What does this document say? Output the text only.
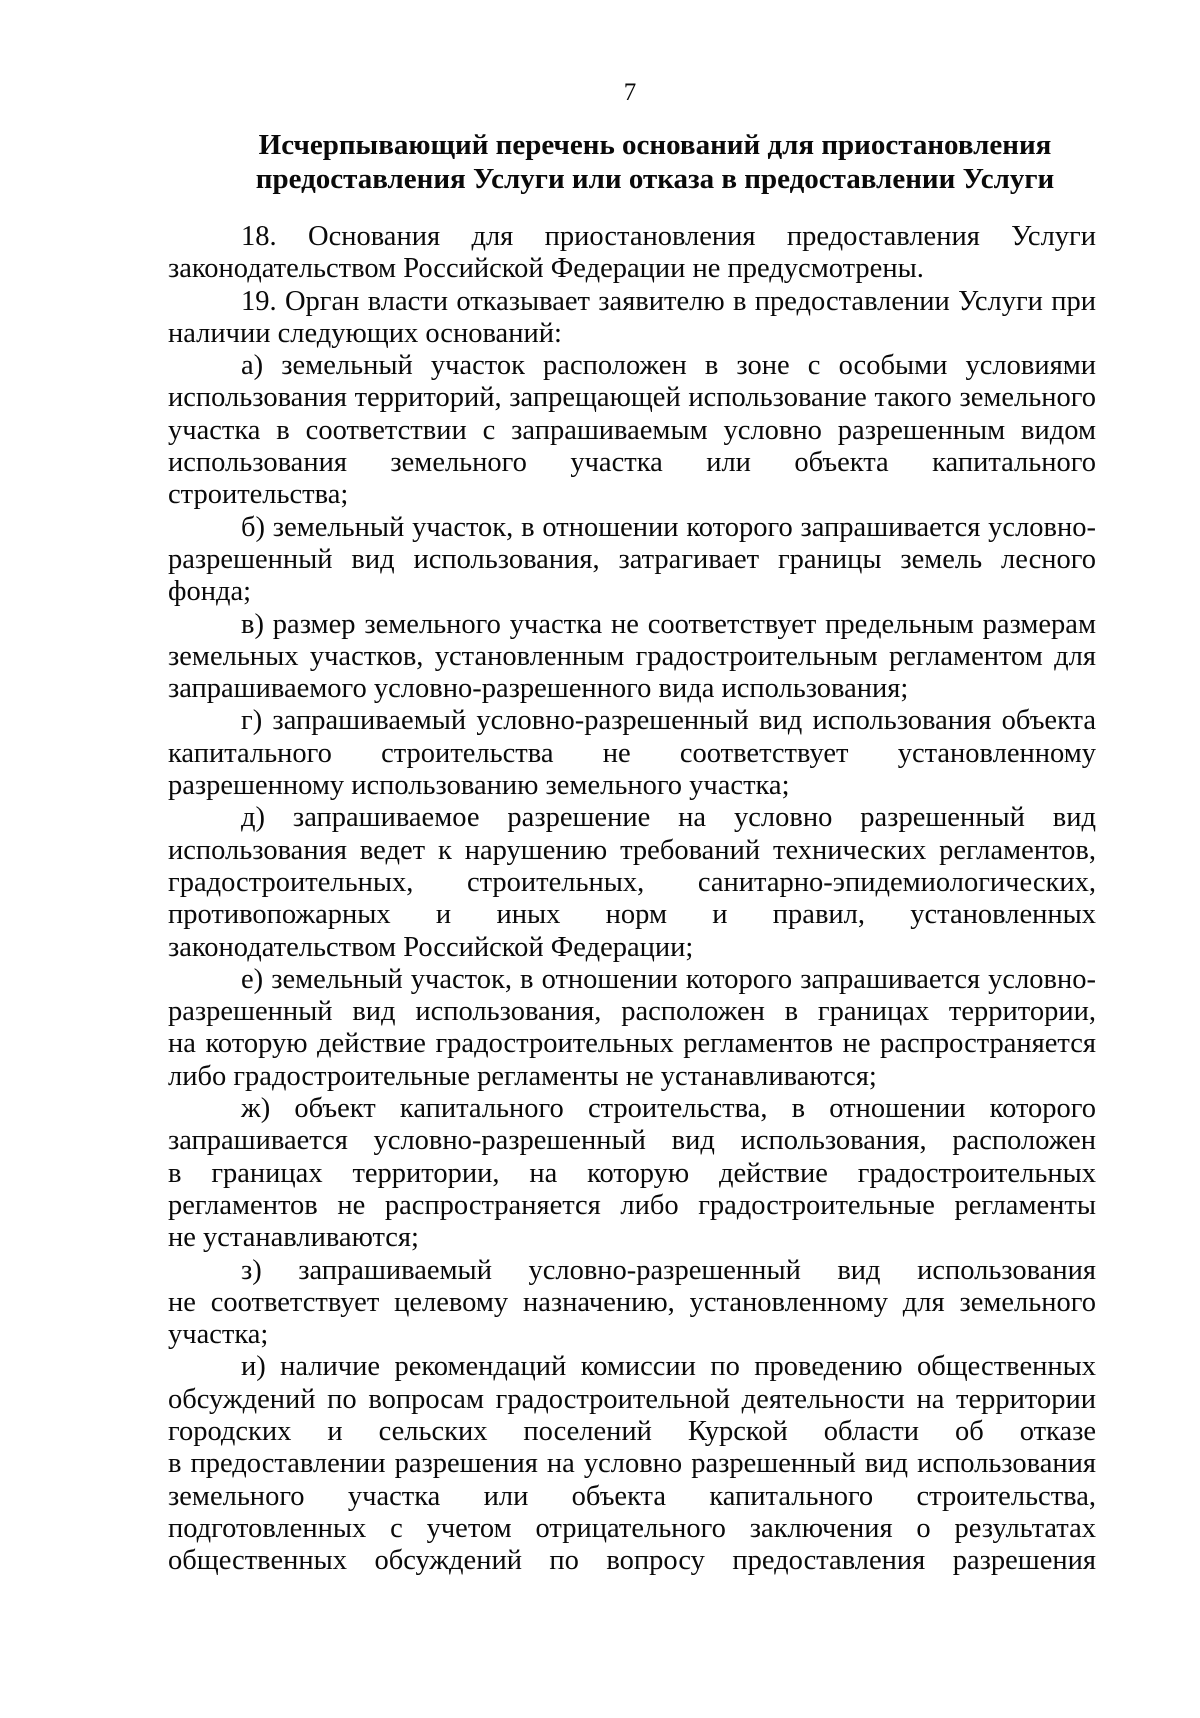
7
Исчерпывающий перечень оснований для приостановления
предоставления Услуги или отказа в предоставлении Услуги

18. Основания для приостановления предоставления Услуги
законодательством Российской Федерации не предусмотрены.

19. Орган власти отказывает заявителю в предоставлении Услуги при
наличии следующих оснований:

а) земельный участок расположен в зоне с особыми условиями
использования территорий, запрещающей использование такого земельного
участка в соответствии с запрашиваемым условно разрешенным видом
использования земельного участка или объекта капитального
строительства;

б) земельный участок, в отношении которого запрашивается условно-
разрешенный вид использования, затрагивает границы земель лесного
фонда;

в) размер земельного участка не соответствует предельным размерам
земельных участков, установленным градостроительным регламентом для
запрашиваемого условно-разрешенного вида использования;

г) запрашиваемый условно-разрешенный вид использования объекта
капитального строительства не соответствует установленному
разрешенному использованию земельного участка;

д) запрашиваемое разрешение на условно разрешенный вид
использования ведет к нарушению требований технических регламентов,
градостроительных, строительных, санитарно-эпидемиологических,
противопожарных и иных норм и правил, установленных
законодательством Российской Федерации;

е) земельный участок, в отношении которого запрашивается условно-
разрешенный вид использования, расположен в границах территории,
на которую действие градостроительных регламентов не распространяется
либо градостроительные регламенты не устанавливаются;

ж) объект капитального строительства, в отношении которого
запрашивается условно-разрешенный вид использования, расположен
в границах территории, на которую действие градостроительных
регламентов не распространяется либо градостроительные регламенты
не устанавливаются;

з) запрашиваемый условно-разрешенный вид использования
не соответствует целевому назначению, установленному для земельного
участка;

и) наличие рекомендаций комиссии по проведению общественных
обсуждений по вопросам градостроительной деятельности на территории
городских и сельских поселений Курской области об отказе
в предоставлении разрешения на условно разрешенный вид использования
земельного участка или объекта капитального строительства,
подготовленных с учетом отрицательного заключения о результатах
общественных обсуждений по вопросу предоставления разрешения
